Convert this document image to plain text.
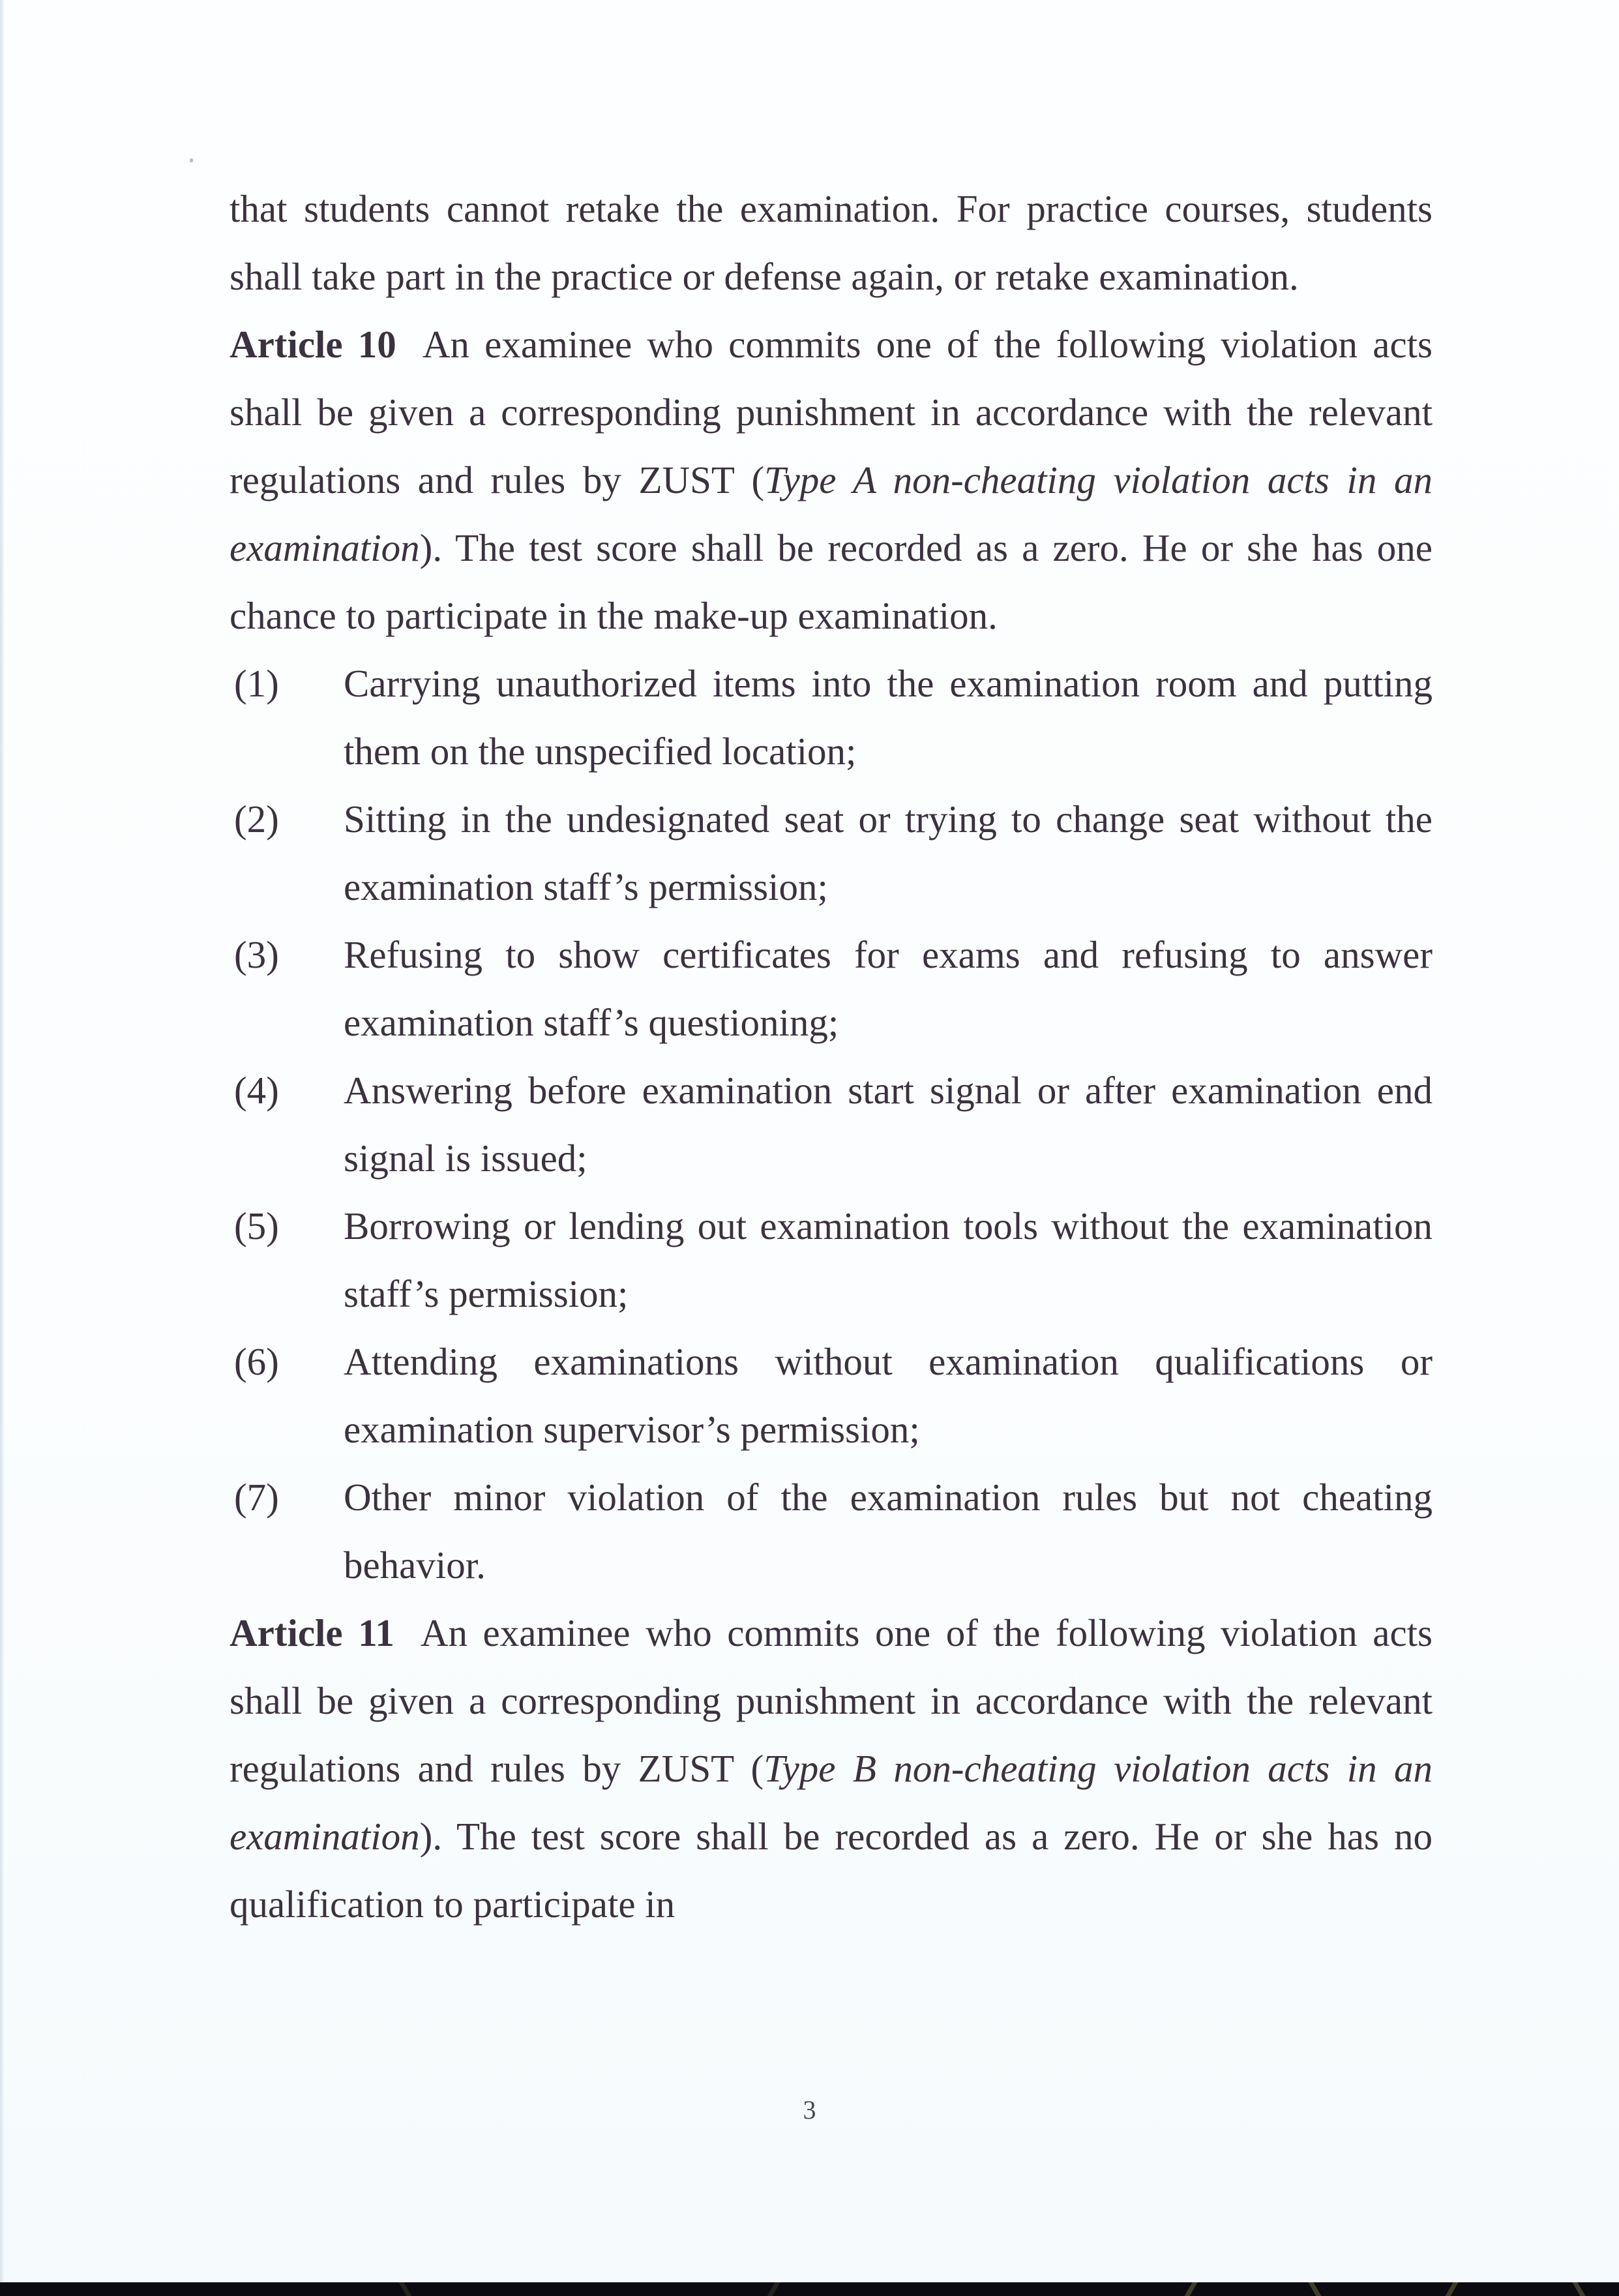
that students cannot retake the examination. For practice courses, students shall take part in the practice or defense again, or retake examination.

Article 10 An examinee who commits one of the following violation acts shall be given a corresponding punishment in accordance with the relevant regulations and rules by ZUST (Type A non-cheating violation acts in an examination). The test score shall be recorded as a zero. He or she has one chance to participate in the make-up examination.

(1) Carrying unauthorized items into the examination room and putting them on the unspecified location;
(2) Sitting in the undesignated seat or trying to change seat without the examination staff’s permission;
(3) Refusing to show certificates for exams and refusing to answer examination staff’s questioning;
(4) Answering before examination start signal or after examination end signal is issued;
(5) Borrowing or lending out examination tools without the examination staff’s permission;
(6) Attending examinations without examination qualifications or examination supervisor’s permission;
(7) Other minor violation of the examination rules but not cheating behavior.

Article 11 An examinee who commits one of the following violation acts shall be given a corresponding punishment in accordance with the relevant regulations and rules by ZUST (Type B non-cheating violation acts in an examination). The test score shall be recorded as a zero. He or she has no qualification to participate in

3
